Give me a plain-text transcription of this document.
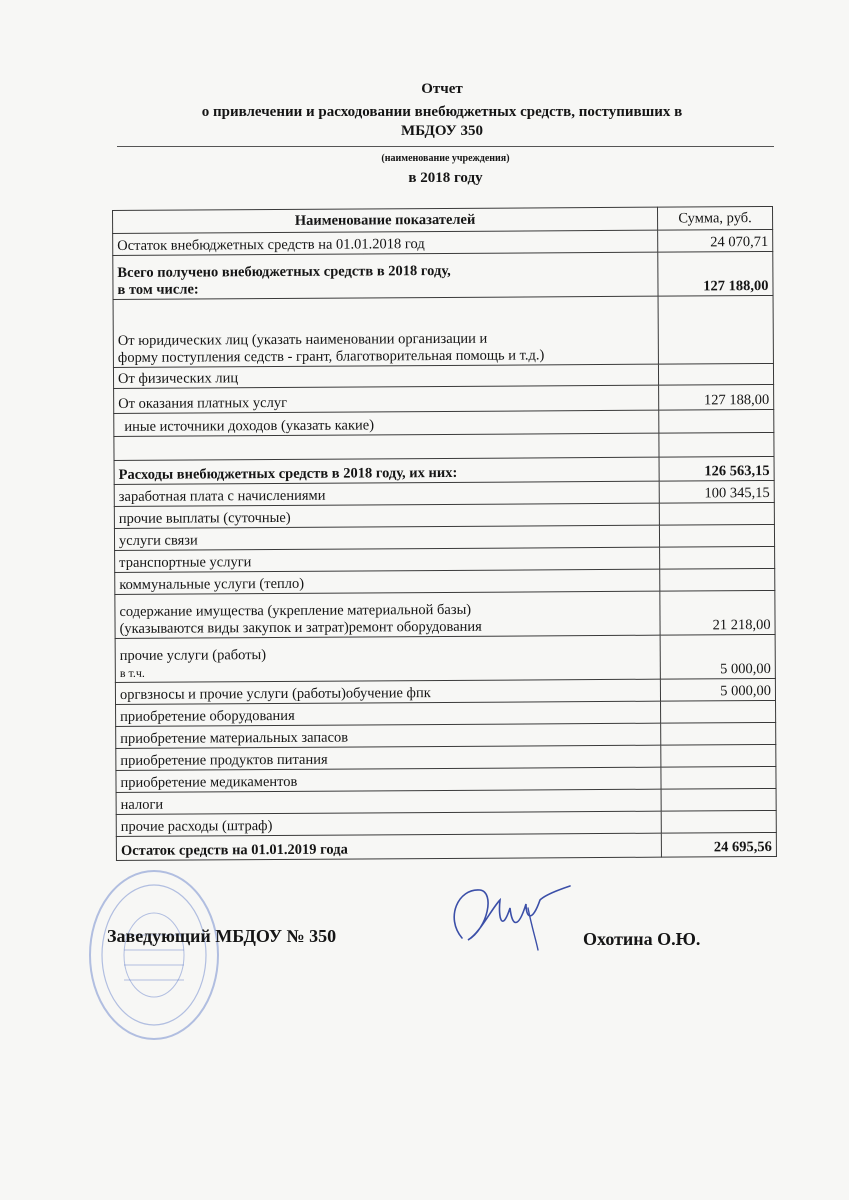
Отчет
о привлечении и расходовании внебюджетных средств, поступивших в
МБДОУ 350
(наименование учреждения)
в 2018 году
Наименование показателей	Сумма, руб.
Остаток внебюджетных средств на 01.01.2018 год	24 070,71

Всего получено внебюджетных средств в 2018 году,
в том числе:	127 188,00

От юридических лиц (указать наименовании организации и
форму поступления седств - грант, благотворительная помощь и т.д.)	

От физических лиц	
От оказания платных услуг	127 188,00
иные источники доходов (указать какие)	

Расходы внебюджетных средств в 2018 году, их них:	126 563,15
заработная плата с начислениями	100 345,15
прочие выплаты (суточные)	
услуги связи	
транспортные услуги	
коммунальные услуги (тепло)	

содержание имущества (укрепление материальной базы)
(указываются виды закупок и затрат)ремонт оборудования	21 218,00

прочие услуги (работы)
в т.ч.	5 000,00
оргвзносы и прочие услуги (работы)обучение фпк	5 000,00
приобретение оборудования	
приобретение материальных запасов	
приобретение продуктов питания	
приобретение медикаментов	
налоги	
прочие расходы (штраф)	
Остаток средств на 01.01.2019 года	24 695,56
Заведующий МБДОУ № 350	Охотина О.Ю.
